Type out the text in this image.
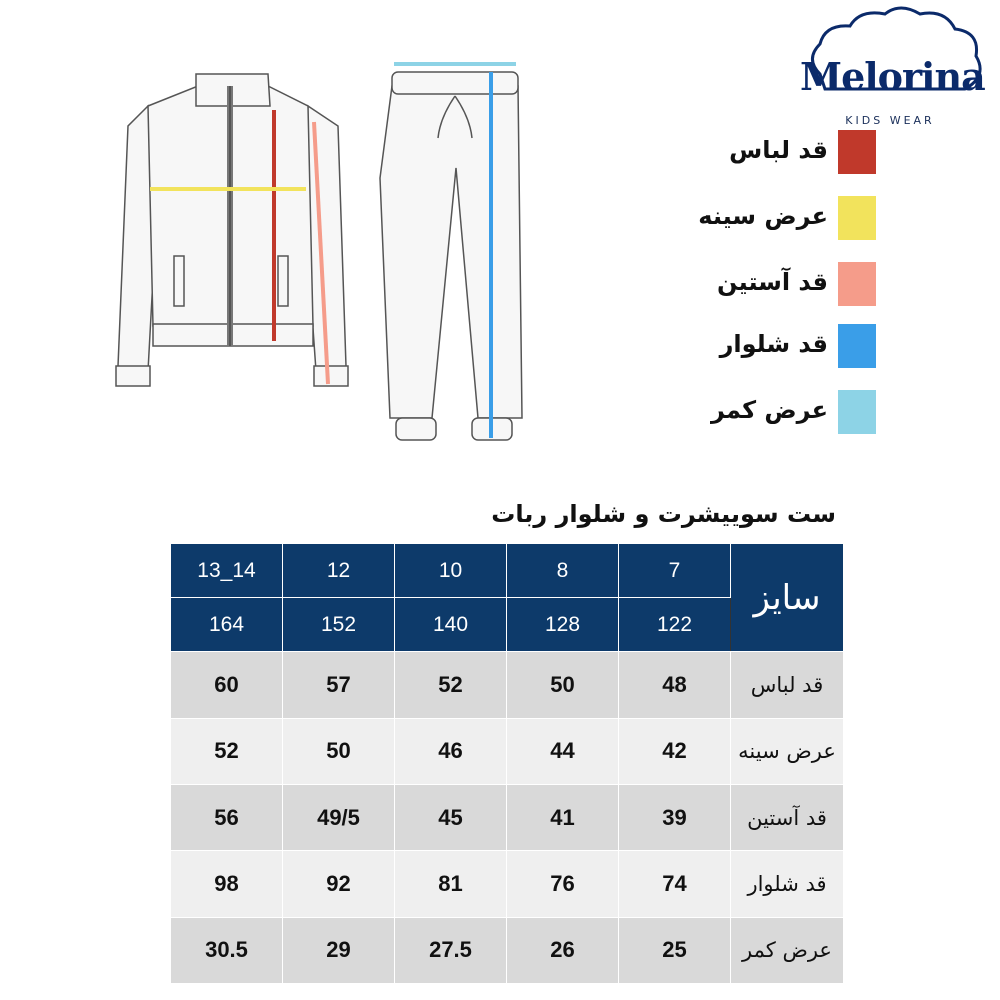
Melorina
KIDS WEAR
قد لباس
عرض سینه
قد آستین
قد شلوار
عرض کمر
ست سوییشرت و شلوار ربات
13_14	12	10	8	7	سایز
164	152	140	128	122	
60	57	52	50	48	قد لباس
52	50	46	44	42	عرض سینه
56	49/5	45	41	39	قد آستین
98	92	81	76	74	قد شلوار
30.5	29	27.5	26	25	عرض کمر
